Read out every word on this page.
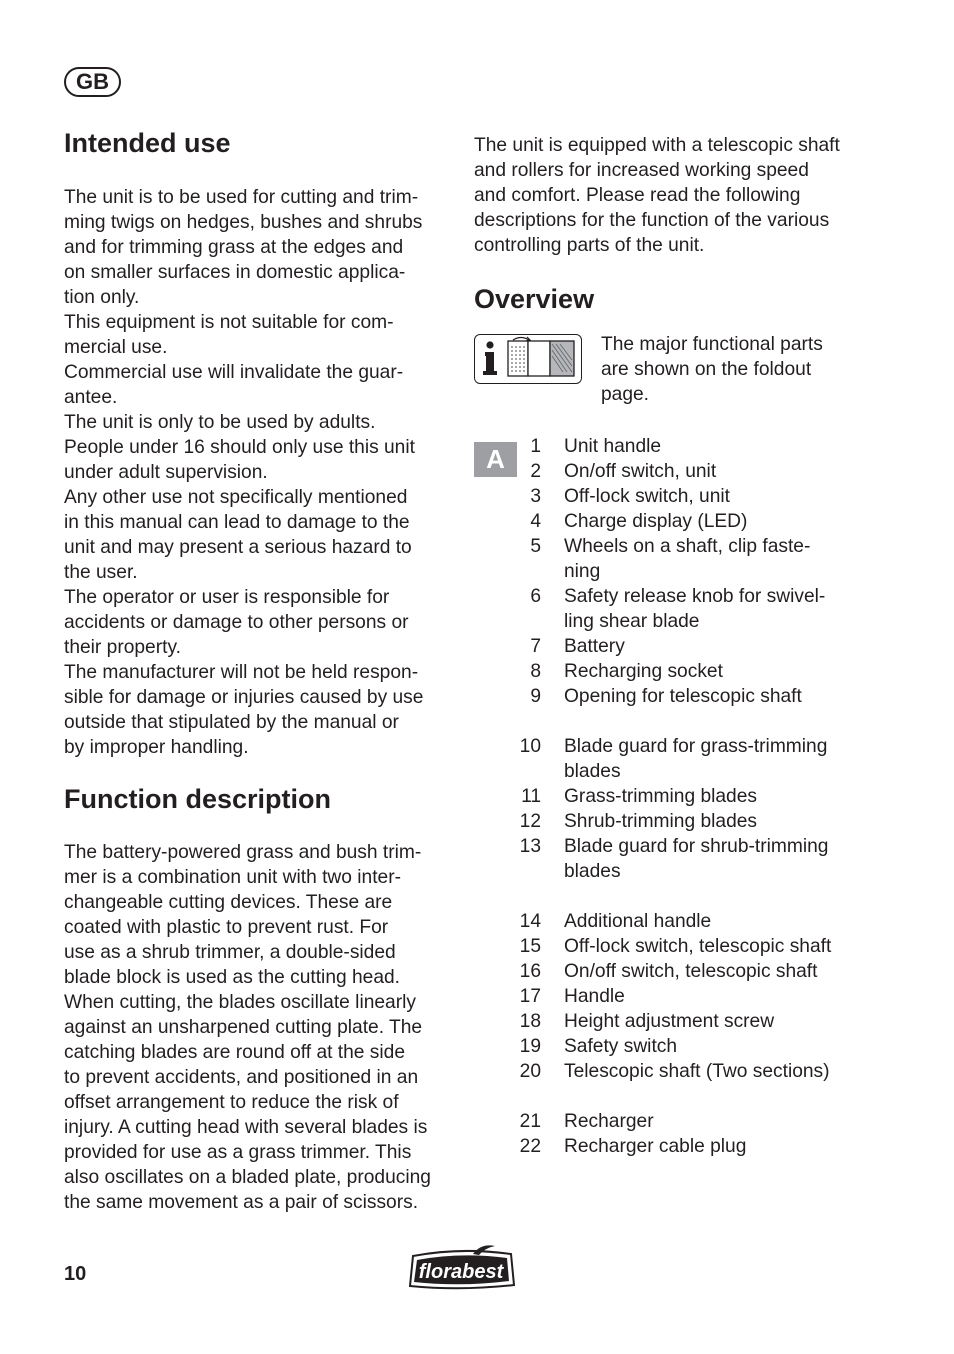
GB
Intended use

The unit is to be used for cutting and trim-
ming twigs on hedges, bushes and shrubs
and for trimming grass at the edges and
on smaller surfaces in domestic applica-
tion only.
This equipment is not suitable for com-
mercial use.
Commercial use will invalidate the guar-
antee.
The unit is only to be used by adults.
People under 16 should only use this unit
under adult supervision.
Any other use not specifically mentioned
in this manual can lead to damage to the
unit and may present a serious hazard to
the user.
The operator or user is responsible for
accidents or damage to other persons or
their property.
The manufacturer will not be held respon-
sible for damage or injuries caused by use
outside that stipulated by the manual or
by improper handling.

Function description

The battery-powered grass and bush trim-
mer is a combination unit with two inter-
changeable cutting devices. These are
coated with plastic to prevent rust. For
use as a shrub trimmer, a double-sided
blade block is used as the cutting head.
When cutting, the blades oscillate linearly
against an unsharpened cutting plate. The
catching blades are round off at the side
to prevent accidents, and positioned in an
offset arrangement to reduce the risk of
injury. A cutting head with several blades is
provided for use as a grass trimmer. This
also oscillates on a bladed plate, producing
the same movement as a pair of scissors.

The unit is equipped with a telescopic shaft
and rollers for increased working speed
and comfort. Please read the following
descriptions for the function of the various
controlling parts of the unit.

Overview
The major functional parts
are shown on the foldout
page.
A	1 Unit handle
2 On/off switch, unit
3 Off-lock switch, unit
4 Charge display (LED)
5 Wheels on a shaft, clip faste-
ning
6 Safety release knob for swivel-
ling shear blade
7 Battery
8 Recharging socket
9 Opening for telescopic shaft
10 Blade guard for grass-trimming
blades
11 Grass-trimming blades
12 Shrub-trimming blades
13 Blade guard for shrub-trimming
blades
14 Additional handle
15 Off-lock switch, telescopic shaft
16 On/off switch, telescopic shaft
17 Handle
18 Height adjustment screw
19 Safety switch
20 Telescopic shaft (Two sections)
21 Recharger
22 Recharger cable plug
10	florabest
